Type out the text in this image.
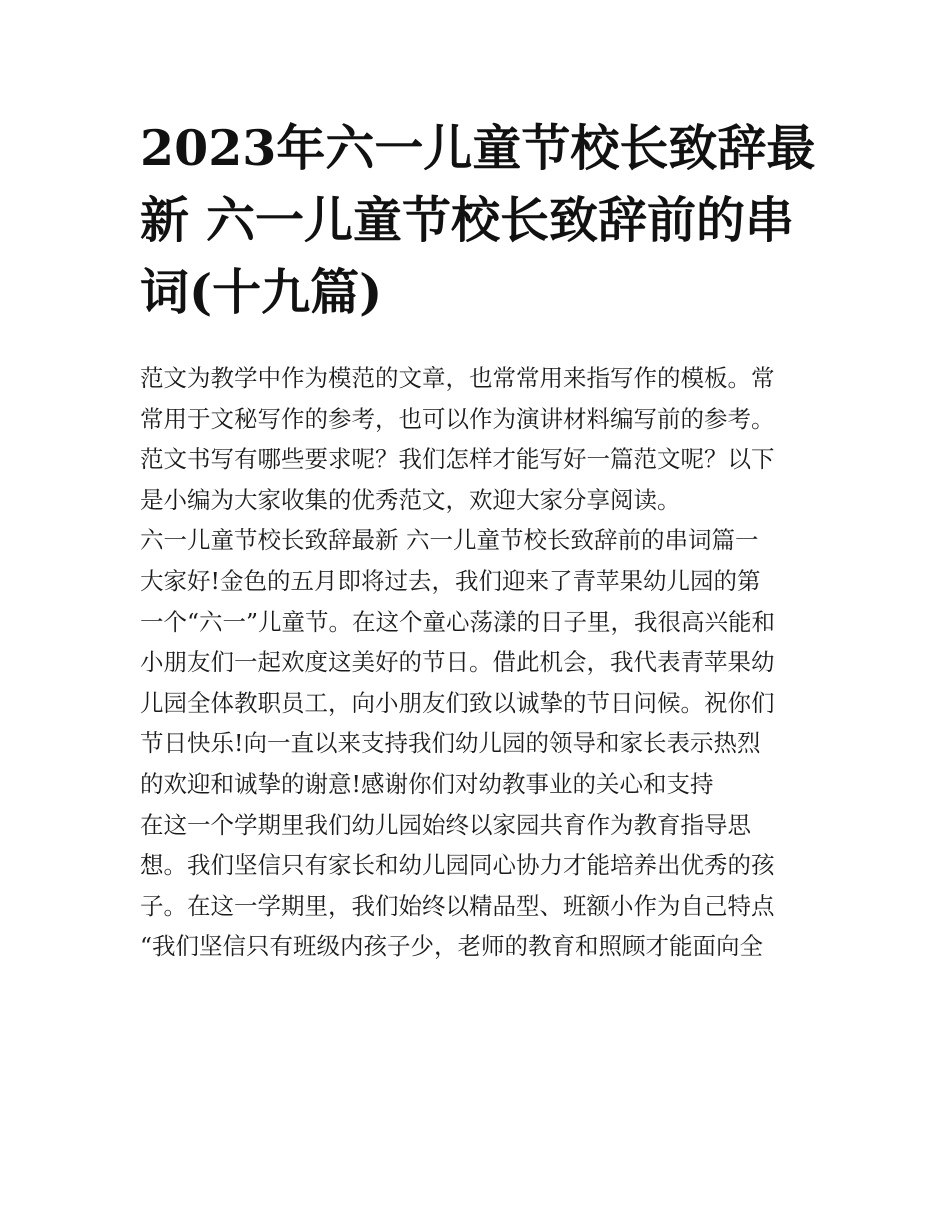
2023年六一儿童节校长致辞最
新 六一儿童节校长致辞前的串
词(十九篇)
范文为教学中作为模范的文章，也常常用来指写作的模板。常
常用于文秘写作的参考，也可以作为演讲材料编写前的参考。
范文书写有哪些要求呢？我们怎样才能写好一篇范文呢？以下
是小编为大家收集的优秀范文，欢迎大家分享阅读。
六一儿童节校长致辞最新 六一儿童节校长致辞前的串词篇一
大家好!金色的五月即将过去，我们迎来了青苹果幼儿园的第
一个“六一”儿童节。在这个童心荡漾的日子里，我很高兴能和
小朋友们一起欢度这美好的节日。借此机会，我代表青苹果幼
儿园全体教职员工，向小朋友们致以诚挚的节日问候。祝你们
节日快乐!向一直以来支持我们幼儿园的领导和家长表示热烈
的欢迎和诚挚的谢意!感谢你们对幼教事业的关心和支持
在这一个学期里我们幼儿园始终以家园共育作为教育指导思
想。我们坚信只有家长和幼儿园同心协力才能培养出优秀的孩
子。在这一学期里，我们始终以精品型、班额小作为自己特点
“我们坚信只有班级内孩子少，老师的教育和照顾才能面向全
